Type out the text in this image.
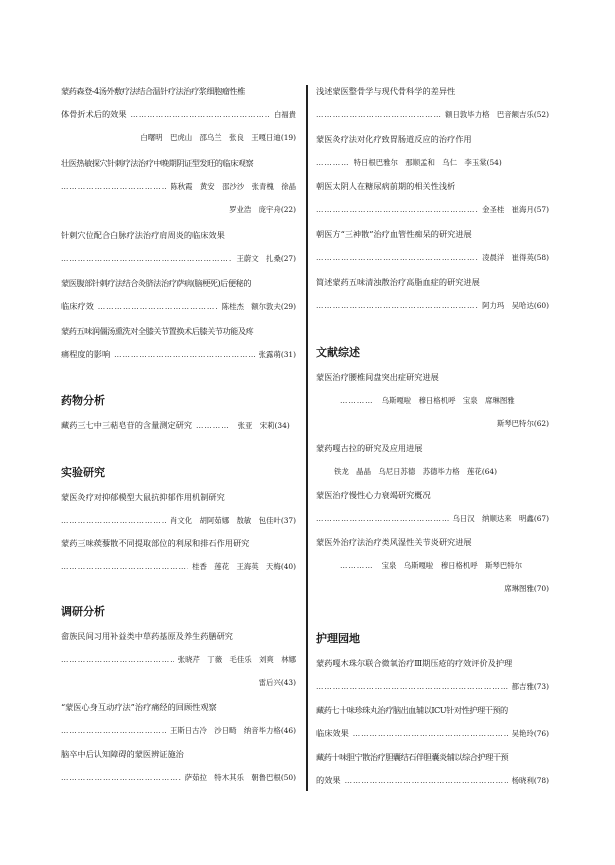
蒙药森登-4汤外敷疗法结合温针疗法治疗浆细胞瘤性椎
体骨折术后的效果 …………………………………………………………………………………………………………………	白福貴
白曙明　巴虎山　邵乌兰　张良　王嘎日迪(19)
壮医热敏探穴针刺疗法治疗中晚期阴证型发旺的临床观察
…………………………………………………………………………………………………………………
陈秋霞　黄安　邵沙沙　张青槐　徐晶
罗业浩　庞宇舟(22)
针刺穴位配合白脉疗法治疗肩周炎的临床效果
…………………………………………………………………………………………………………………
王蔚文　扎桑(27)
蒙医腹部针刺疗法结合灸脐法治疗萨病(脑梗死)后便秘的
临床疗效 …………………………………………………………………………………………………………………	陈桂杰　额尔敦夫(29)
蒙药五味润僵汤熏洗对全膝关节置换术后膝关节功能及疼
痛程度的影响 …………………………………………………………………………………………………………………	张露萌(31)
药物分析
藏药三七中三萜皂苷的含量测定研究 …………	张亚　宋莉(34)
实验研究
蒙医灸疗对抑郁模型大鼠抗抑郁作用机制研究
…………………………………………………………………………………………………………………
肖文化　胡阿茹娜　敖敏　包佳叶(37)
蒙药三味蒺藜散不同提取部位的利尿和排石作用研究
…………………………………………………………………………………………………………………
桂香　莲花　王海英　天梅(40)
调研分析
畲族民间习用补益类中草药基原及养生药膳研究
…………………………………………………………………………………………………………………
张晓芹　丁薇　毛佳乐　刘爽　林娜
雷后兴(43)
“蒙医心身互动疗法”治疗痛经的回顾性观察
…………………………………………………………………………………………………………………
王斯日古冷　沙日畸　纳音毕力格(46)
脑卒中后认知障碍的蒙医辨证施治
…………………………………………………………………………………………………………………
萨茹拉　特木其乐　朝鲁巴根(50)
浅述蒙医整骨学与现代骨科学的差异性
…………………………………………………………………………………………………………………
额日敦毕力格　巴音额吉乐(52)
蒙医灸疗法对化疗致胃肠道反应的治疗作用
…………
特日根巴雅尔　那顺孟和　乌仁　李玉棠(54)
朝医太阴人在糖尿病前期的相关性浅析
…………………………………………………………………………………………………………………
金圣桂　崔海月(57)
朝医方“三神散”治疗血管性痴呆的研究进展
…………………………………………………………………………………………………………………
凌晨洋　崔得英(58)
简述蒙药五味清浊散治疗高脂血症的研究进展
…………………………………………………………………………………………………………………
阿力玛　吴哈达(60)
文献综述
蒙医治疗腰椎间盘突出症研究进展
…………
乌斯嘎啦　穆日格机呼　宝泉　席琳图雅
斯琴巴特尔(62)
蒙药嘎古拉的研究及应用进展
铁龙　晶晶　乌尼日苏德　苏德毕力格　莲花(64)
蒙医治疗慢性心力衰竭研究概况
…………………………………………………………………………………………………………………
乌日汉　纳顺达来　明鑫(67)
蒙医外治疗法治疗类风湿性关节炎研究进展
…………
宝泉　乌斯嘎啦　穆日格机呼　斯琴巴特尔
席琳图雅(70)
护理园地
蒙药嘎木珠尔联合微氧治疗Ⅲ期压疮的疗效评价及护理
…………………………………………………………………………………………………………………
都吉雅(73)
藏药七十味珍珠丸治疗脑出血辅以ICU针对性护理干预的
临床效果 …………………………………………………………………………………………………………………	吴艳玲(76)
藏药十味胆宁散治疗胆囊结石伴胆囊炎辅以综合护理干预
的效果 …………………………………………………………………………………………………………………	杨晓利(78)
